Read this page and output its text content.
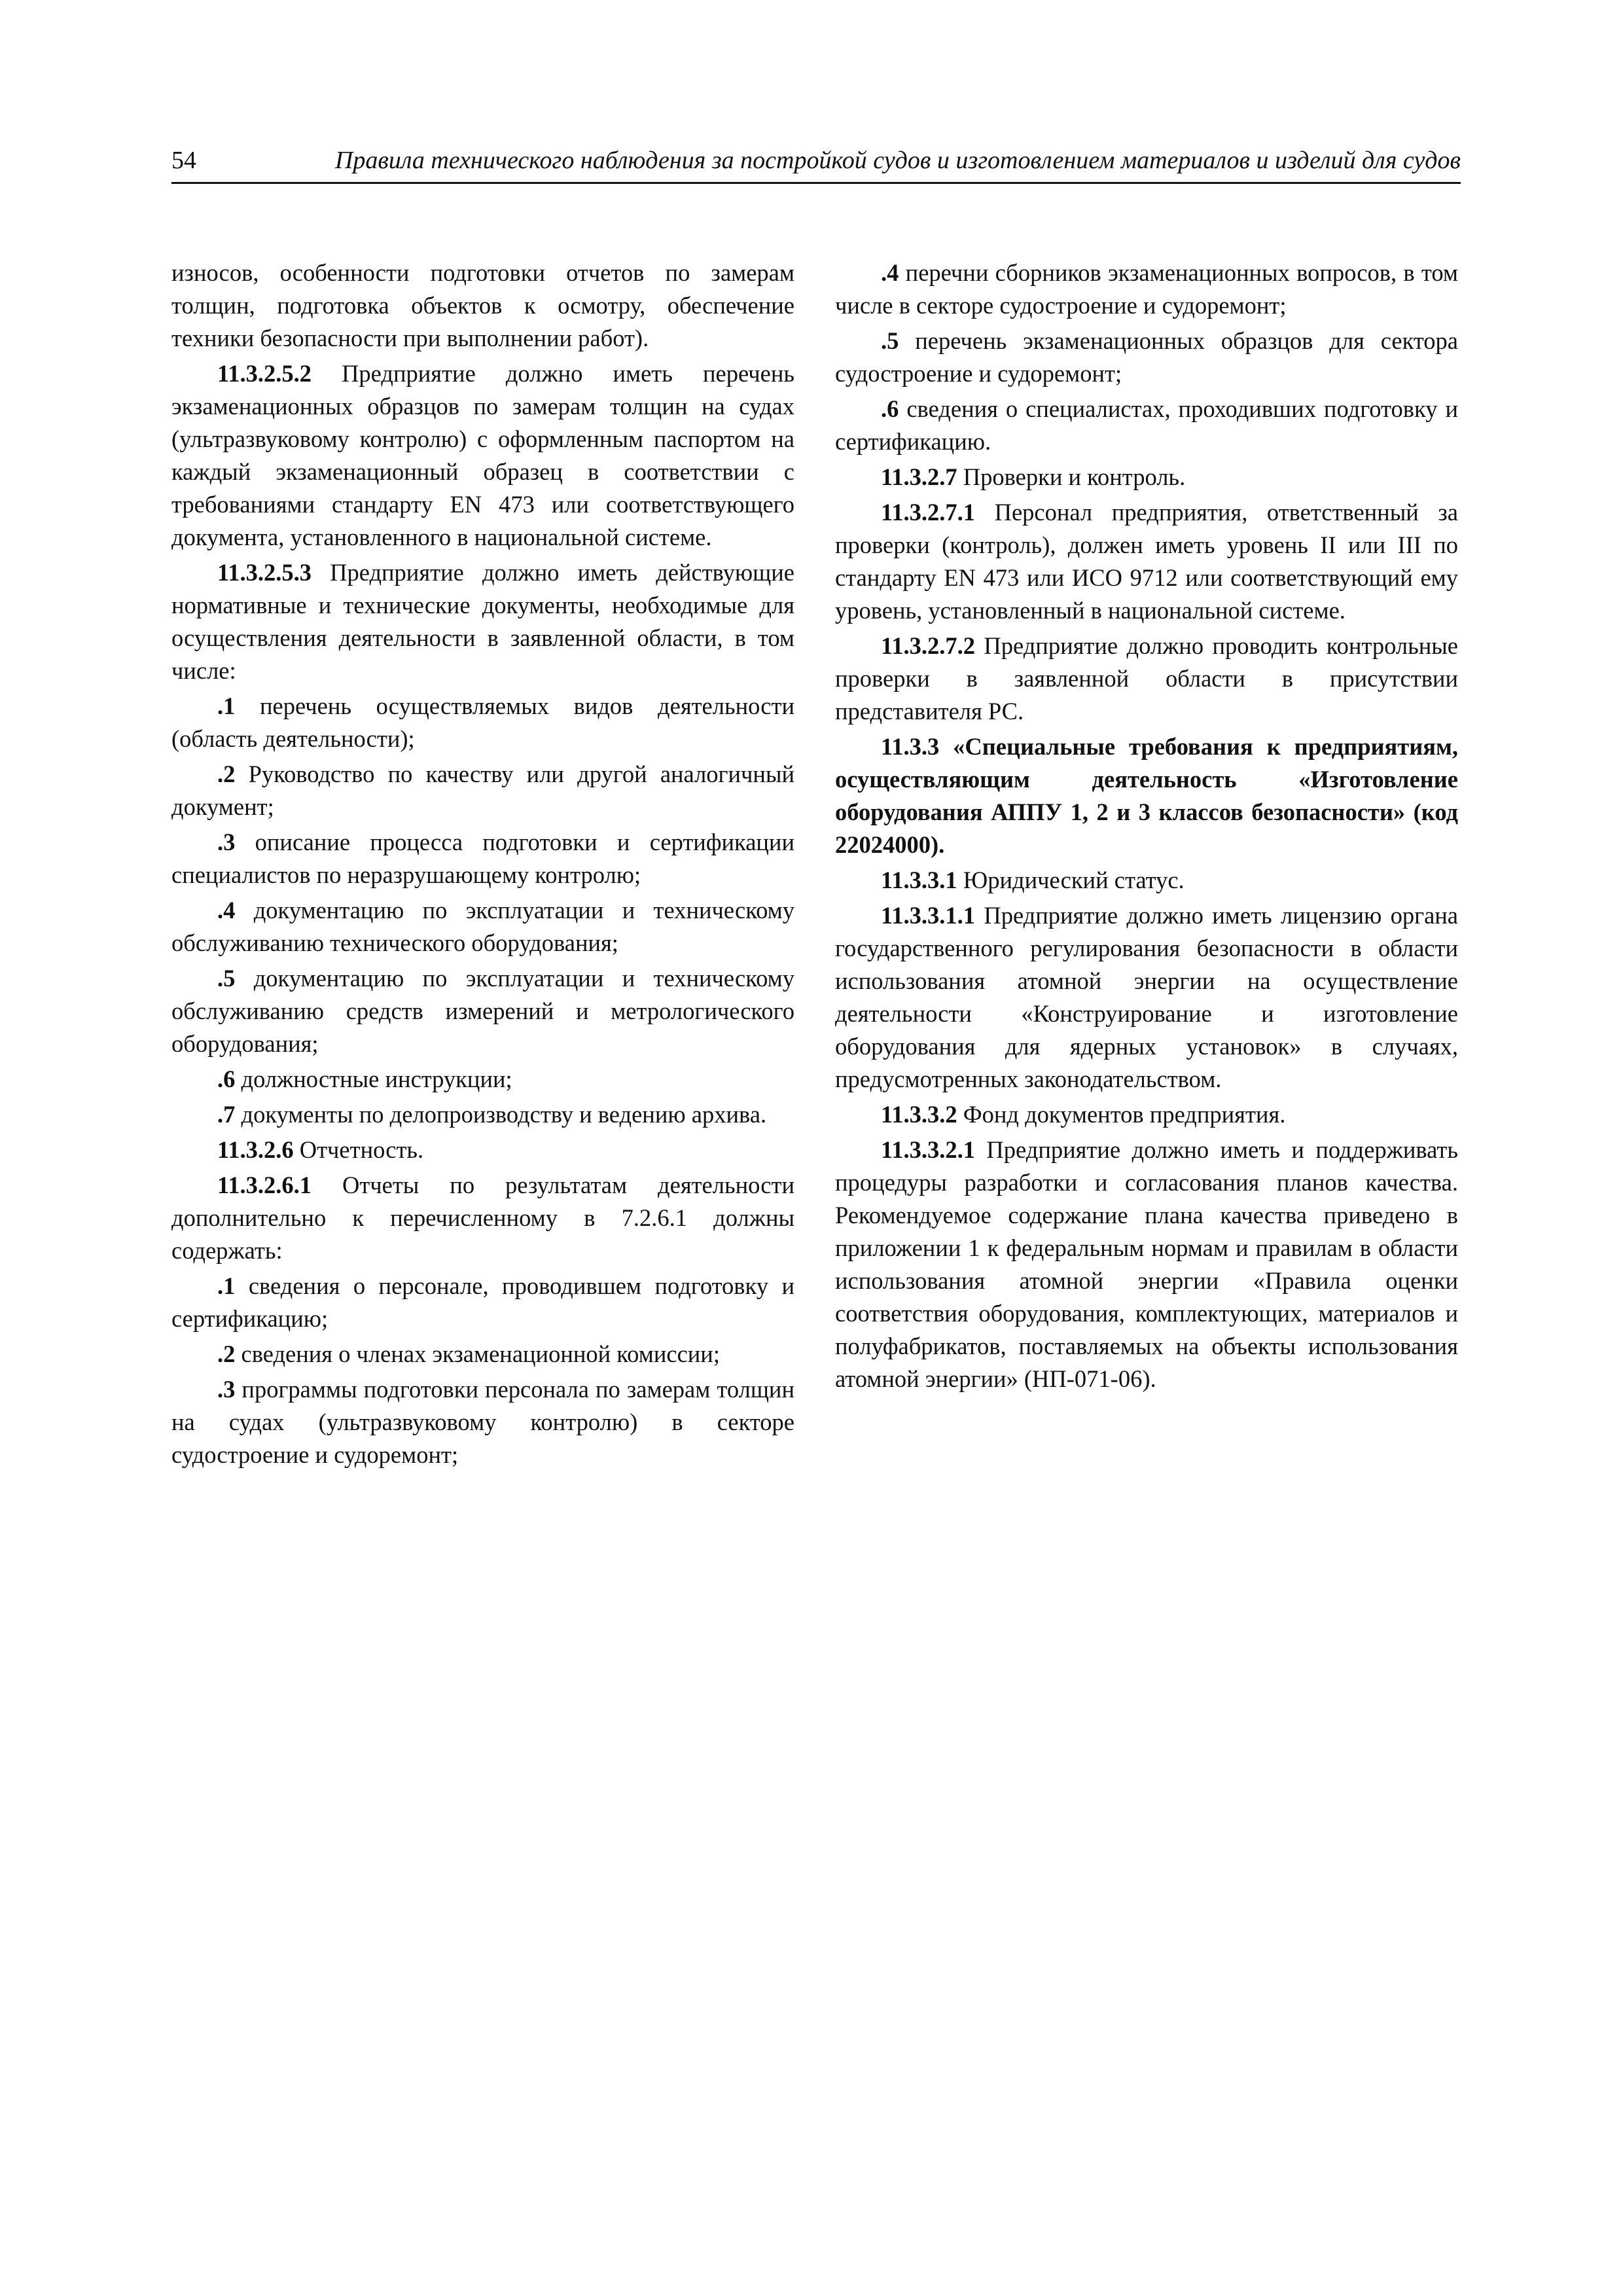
54	Правила технического наблюдения за постройкой судов и изготовлением материалов и изделий для судов

износов, особенности подготовки отчетов по замерам толщин, подготовка объектов к осмотру, обеспечение техники безопасности при выполнении работ).

11.3.2.5.2 Предприятие должно иметь перечень экзаменационных образцов по замерам толщин на судах (ультразвуковому контролю) с оформленным паспортом на каждый экзаменационный образец в соответствии с требованиями стандарту EN 473 или соответствующего документа, установленного в национальной системе.

11.3.2.5.3 Предприятие должно иметь действующие нормативные и технические документы, необходимые для осуществления деятельности в заявленной области, в том числе:

.1 перечень осуществляемых видов деятельности (область деятельности);

.2 Руководство по качеству или другой аналогичный документ;

.3 описание процесса подготовки и сертификации специалистов по неразрушающему контролю;

.4 документацию по эксплуатации и техническому обслуживанию технического оборудования;

.5 документацию по эксплуатации и техническому обслуживанию средств измерений и метрологического оборудования;

.6 должностные инструкции;

.7 документы по делопроизводству и ведению архива.

11.3.2.6 Отчетность.

11.3.2.6.1 Отчеты по результатам деятельности дополнительно к перечисленному в 7.2.6.1 должны содержать:

.1 сведения о персонале, проводившем подготовку и сертификацию;

.2 сведения о членах экзаменационной комиссии;

.3 программы подготовки персонала по замерам толщин на судах (ультразвуковому контролю) в секторе судостроение и судоремонт;

.4 перечни сборников экзаменационных вопросов, в том числе в секторе судостроение и судоремонт;

.5 перечень экзаменационных образцов для сектора судостроение и судоремонт;

.6 сведения о специалистах, проходивших подготовку и сертификацию.

11.3.2.7 Проверки и контроль.

11.3.2.7.1 Персонал предприятия, ответственный за проверки (контроль), должен иметь уровень II или III по стандарту EN 473 или ИСО 9712 или соответствующий ему уровень, установленный в национальной системе.

11.3.2.7.2 Предприятие должно проводить контрольные проверки в заявленной области в присутствии представителя РС.

11.3.3 «Специальные требования к предприятиям, осуществляющим деятельность «Изготовление оборудования АППУ 1, 2 и 3 классов безопасности» (код 22024000).

11.3.3.1 Юридический статус.

11.3.3.1.1 Предприятие должно иметь лицензию органа государственного регулирования безопасности в области использования атомной энергии на осуществление деятельности «Конструирование и изготовление оборудования для ядерных установок» в случаях, предусмотренных законодательством.

11.3.3.2 Фонд документов предприятия.

11.3.3.2.1 Предприятие должно иметь и поддерживать процедуры разработки и согласования планов качества. Рекомендуемое содержание плана качества приведено в приложении 1 к федеральным нормам и правилам в области использования атомной энергии «Правила оценки соответствия оборудования, комплектующих, материалов и полуфабрикатов, поставляемых на объекты использования атомной энергии» (НП-071-06).
